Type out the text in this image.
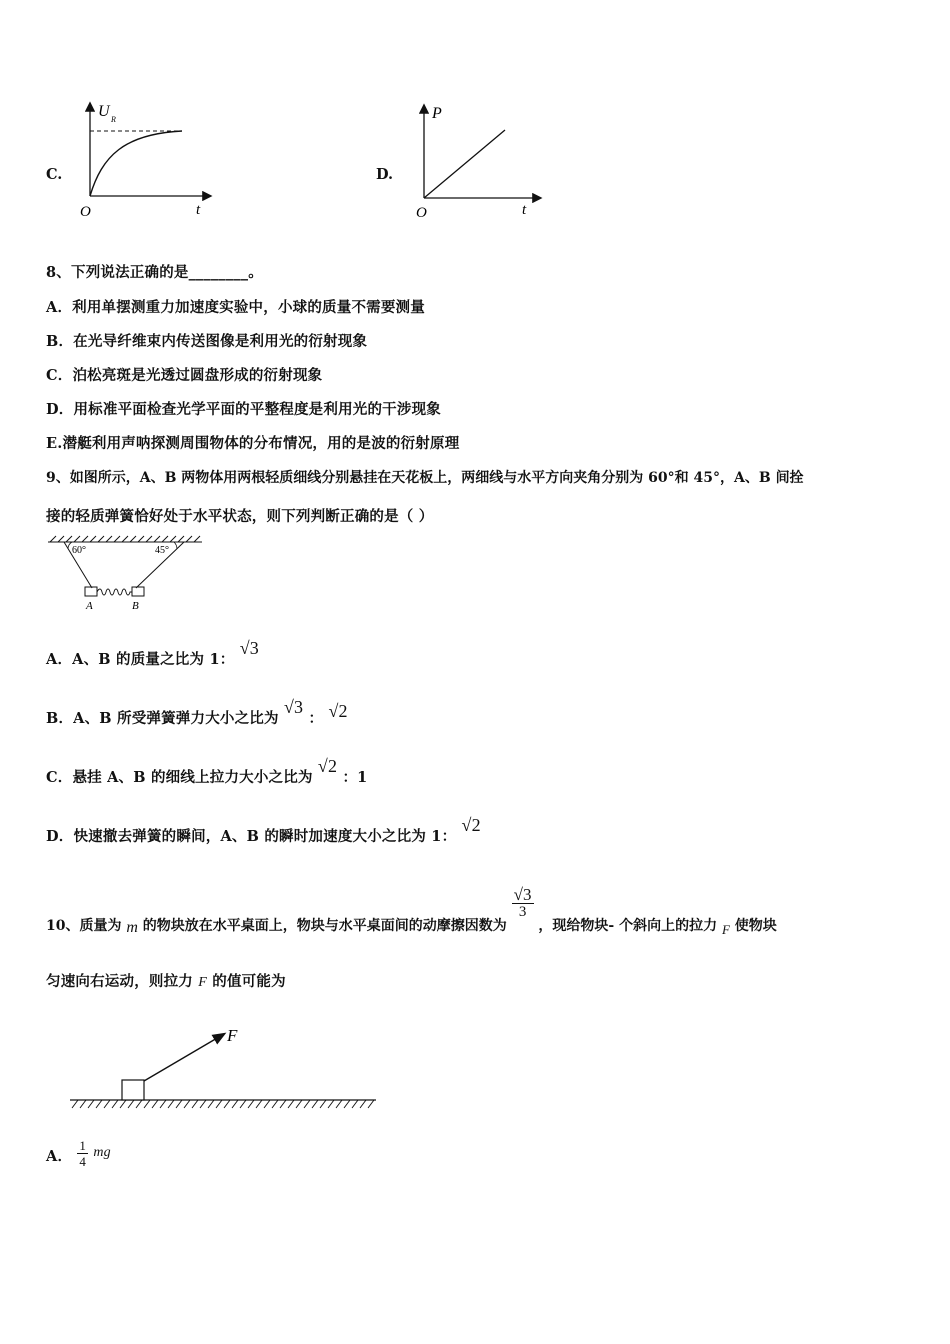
C.
U R
O	t
D.
P
O	t
8、下列说法正确的是________。
A．利用单摆测重力加速度实验中，小球的质量不需要测量
B．在光导纤维束内传送图像是利用光的衍射现象
C．泊松亮斑是光透过圆盘形成的衍射现象
D．用标准平面检查光学平面的平整程度是利用光的干涉现象
E.潜艇利用声呐探测周围物体的分布情况，用的是波的衍射原理
9、如图所示，A、B 两物体用两根轻质细线分别悬挂在天花板上，两细线与水平方向夹角分别为 60°和 45°，A、B 间拴
接的轻质弹簧恰好处于水平状态，则下列判断正确的是（ ）
60°	45°
A	B
A．A、B 的质量之比为 1： √3
B．A、B 所受弹簧弹力大小之比为 √3 ： √2
C．悬挂 A、B 的细线上拉力大小之比为 √2 ：1
D．快速撤去弹簧的瞬间，A、B 的瞬时加速度大小之比为 1： √2
10、质量为 m 的物块放在水平桌面上，物块与水平桌面间的动摩擦因数为
$\frac{√3}{3}$
，现给物块- 个斜向上的拉力 F 使物块
匀速向右运动，则拉力 F 的值可能为
F
A． $\frac{1}{4}$ mg
